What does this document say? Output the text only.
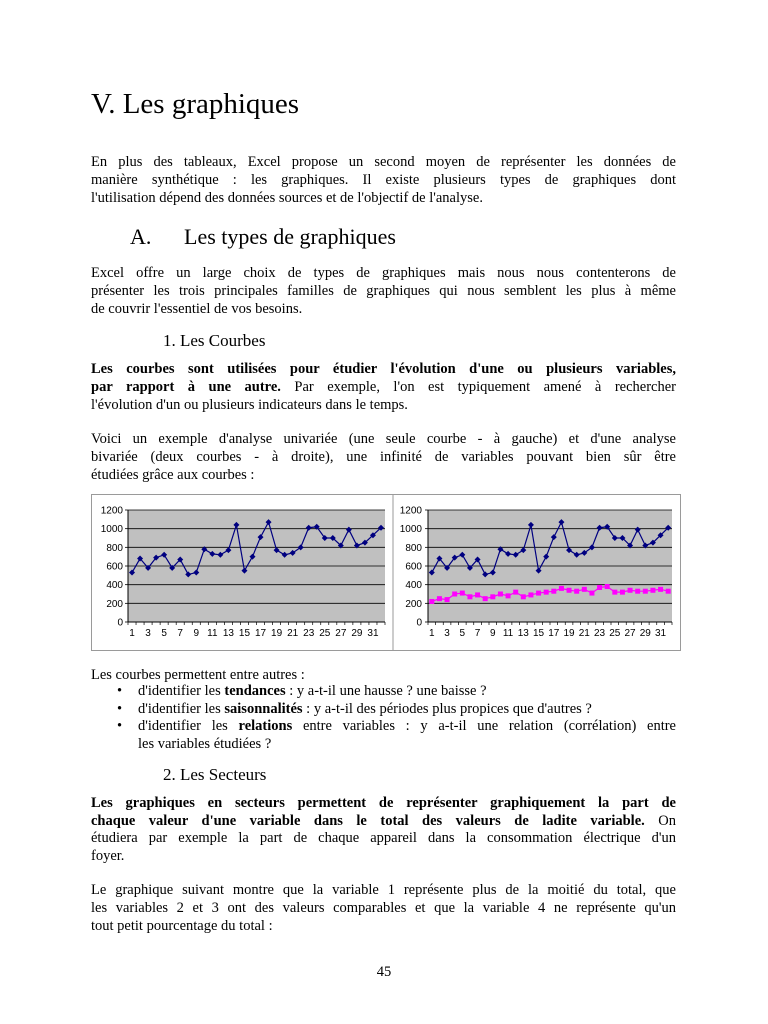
V. Les graphiques
En plus des tableaux, Excel propose un second moyen de représenter les données de
manière synthétique : les graphiques. Il existe plusieurs types de graphiques dont
l'utilisation dépend des données sources et de l'objectif de l'analyse.
A. Les types de graphiques
Excel offre un large choix de types de graphiques mais nous nous contenterons de
présenter les trois principales familles de graphiques qui nous semblent les plus à même
de couvrir l'essentiel de vos besoins.
1. Les Courbes
Les courbes sont utilisées pour étudier l'évolution d'une ou plusieurs variables,
par rapport à une autre. Par exemple, l'on est typiquement amené à rechercher
l'évolution d'un ou plusieurs indicateurs dans le temps.
Voici un exemple d'analyse univariée (une seule courbe - à gauche) et d'une analyse
bivariée (deux courbes - à droite), une infinité de variables pouvant bien sûr être
étudiées grâce aux courbes :
1200
1000
800
600
400
200
0
1 3 5 7 9 11 13 15 17 19 21 23 25 27 29 31
1200
1000
800
600
400
200
0
1 3 5 7 9 11 13 15 17 19 21 23 25 27 29 31
Les courbes permettent entre autres :
• d'identifier les tendances : y a-t-il une hausse ? une baisse ?
• d'identifier les saisonnalités : y a-t-il des périodes plus propices que d'autres ?
• d'identifier les relations entre variables : y a-t-il une relation (corrélation) entre
les variables étudiées ?
2. Les Secteurs
Les graphiques en secteurs permettent de représenter graphiquement la part de
chaque valeur d'une variable dans le total des valeurs de ladite variable. On
étudiera par exemple la part de chaque appareil dans la consommation électrique d'un
foyer.
Le graphique suivant montre que la variable 1 représente plus de la moitié du total, que
les variables 2 et 3 ont des valeurs comparables et que la variable 4 ne représente qu'un
tout petit pourcentage du total :
45
